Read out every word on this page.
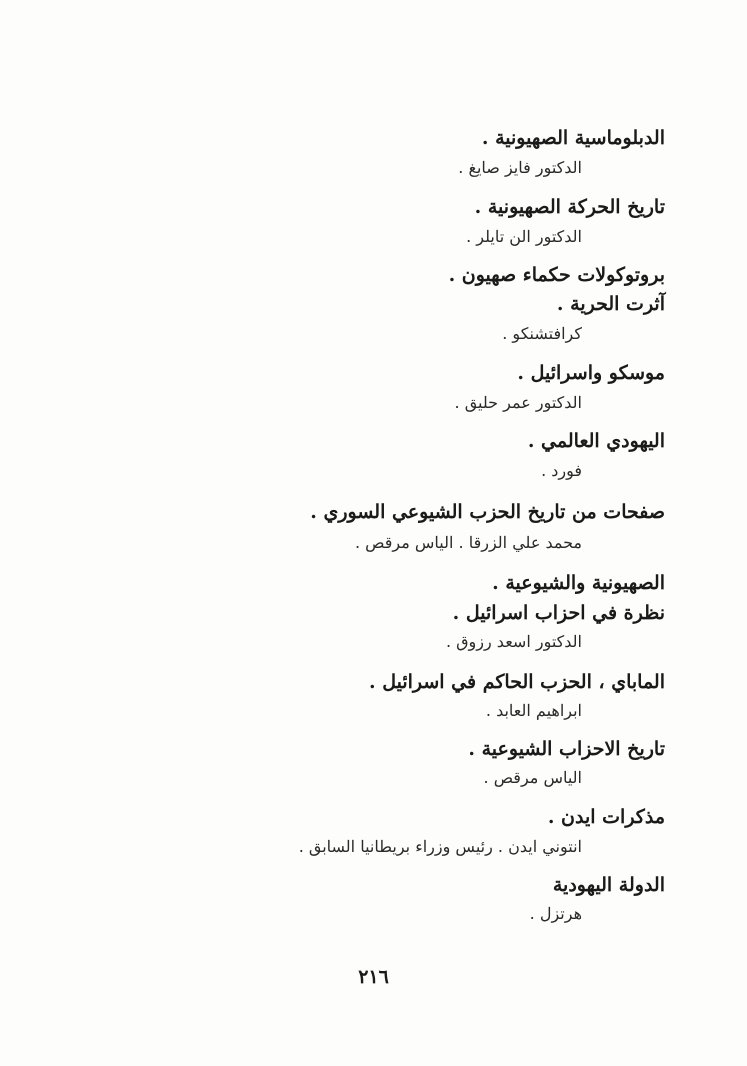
الدبلوماسية الصهيونية .
الدكتور فايز صايغ .
تاريخ الحركة الصهيونية .
الدكتور الن تايلر .
بروتوكولات حكماء صهيون .
آثرت الحرية .
كرافتشنكو .
موسكو واسرائيل .
الدكتور عمر حليق .
اليهودي العالمي .
فورد .
صفحات من تاريخ الحزب الشيوعي السوري .
محمد علي الزرقا . الياس مرقص .
الصهيونية والشيوعية .
نظرة في احزاب اسرائيل .
الدكتور اسعد رزوق .
الماباي ، الحزب الحاكم في اسرائيل .
ابراهيم العابد .
تاريخ الاحزاب الشيوعية .
الياس مرقص .
مذكرات ايدن .
انتوني ايدن . رئيس وزراء بريطانيا السابق .
الدولة اليهودية
هرتزل .
٢١٦
